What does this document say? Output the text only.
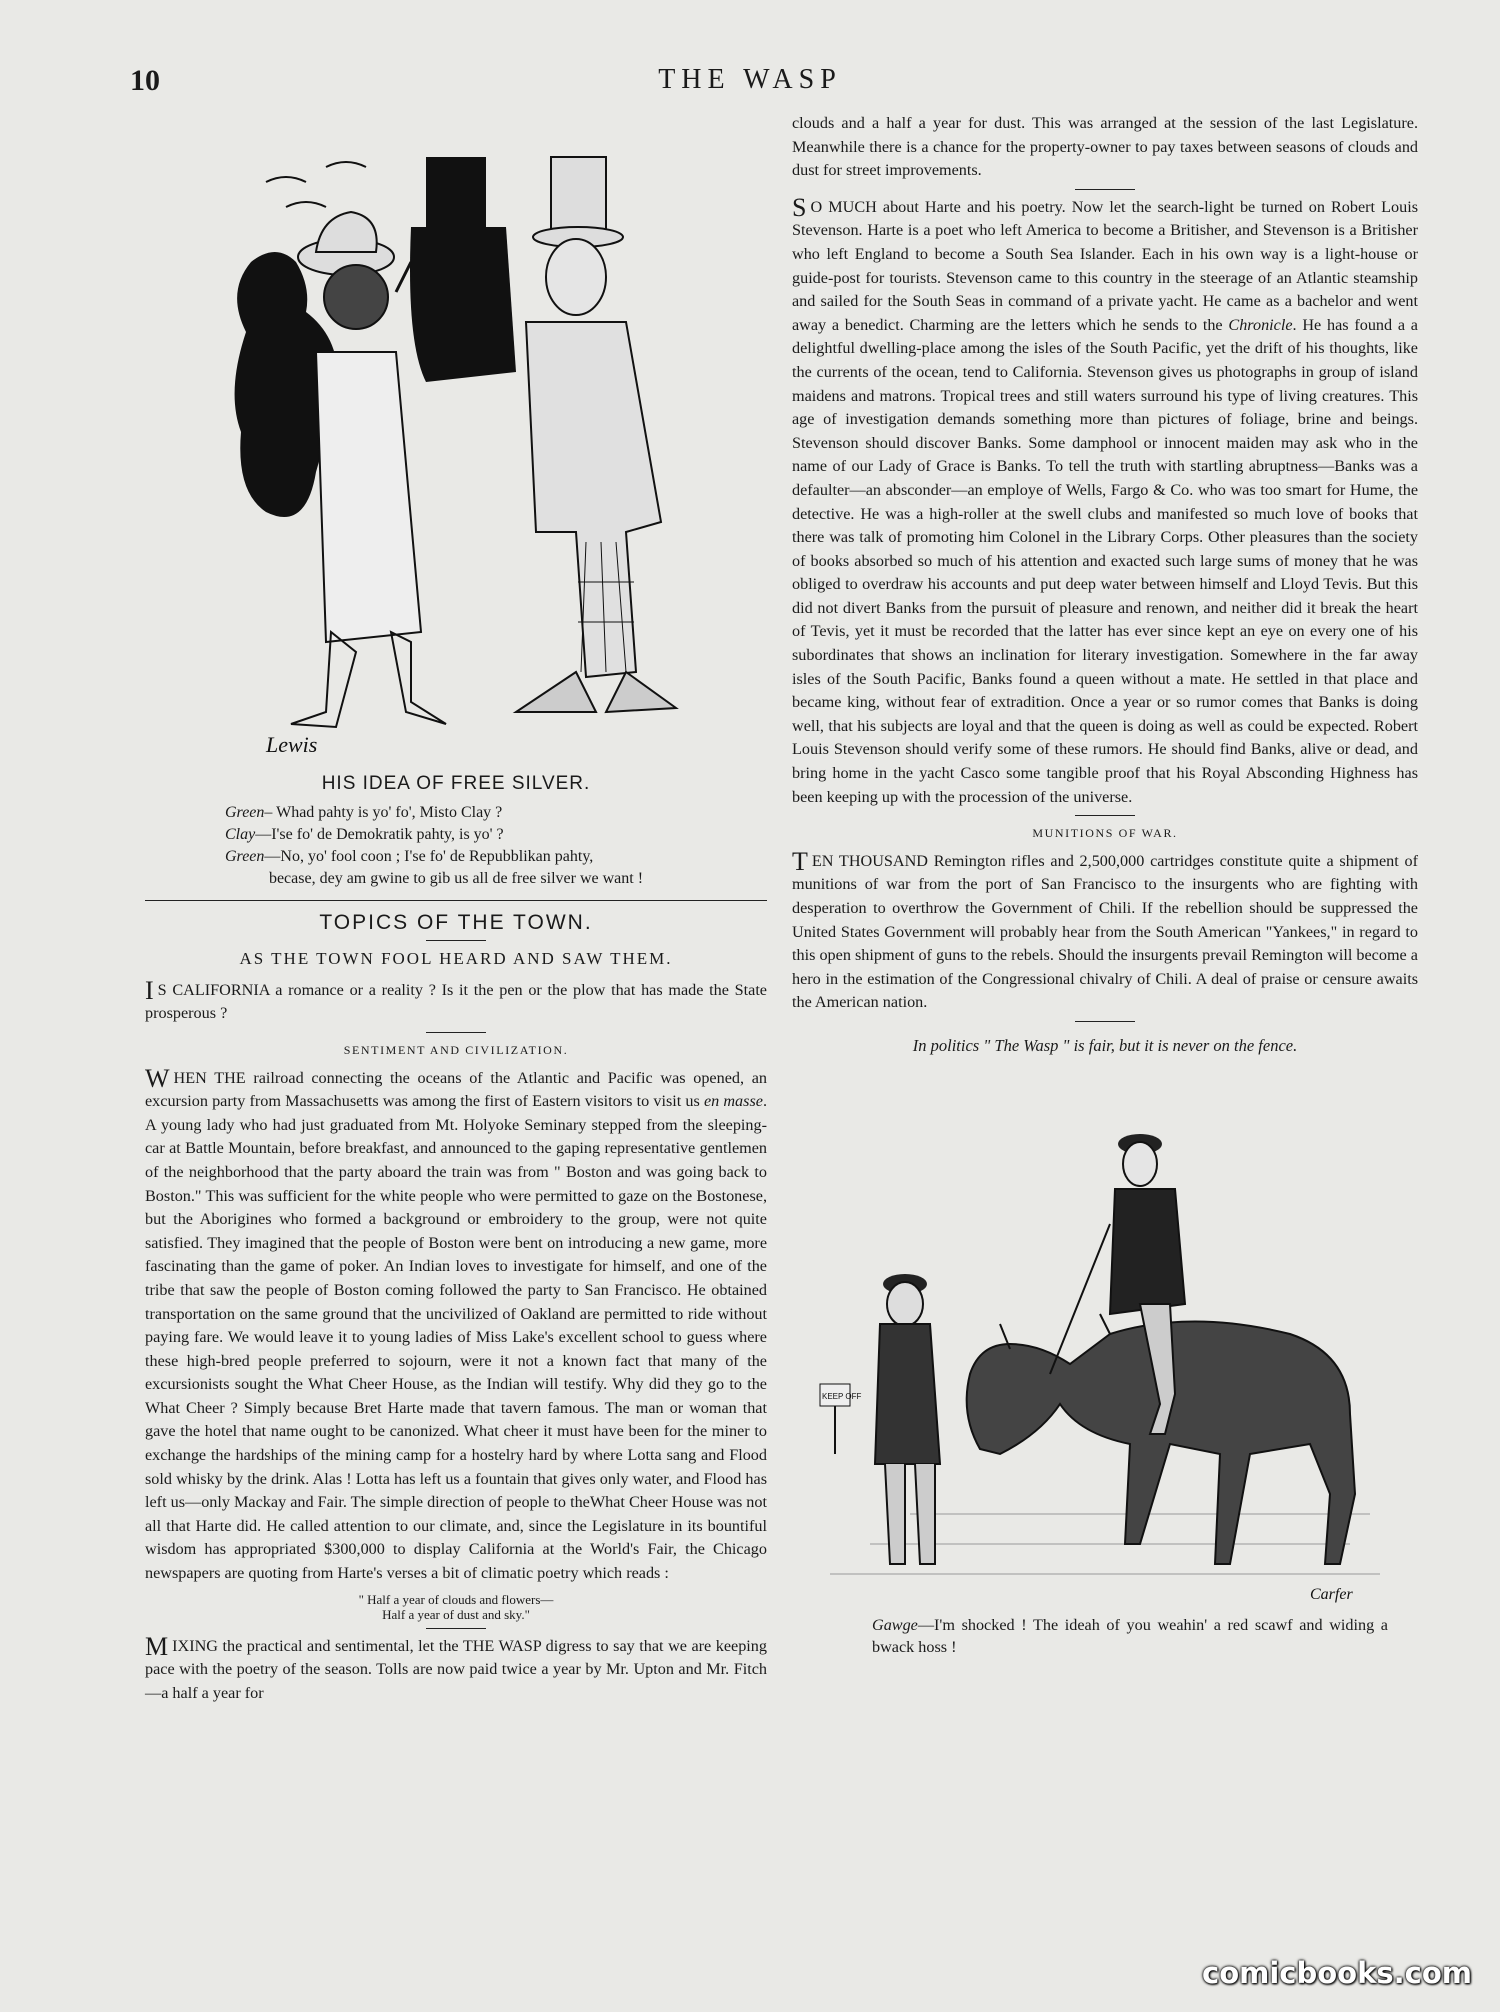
10	THE WASP
Lewis
HIS IDEA OF FREE SILVER.
Green– Whad pahty is yo' fo', Misto Clay ?
Clay—I'se fo' de Demokratik pahty, is yo' ?
Green—No, yo' fool coon ; I'se fo' de Repubblikan pahty,
becase, dey am gwine to gib us all de free silver we want !
TOPICS OF THE TOWN.
AS THE TOWN FOOL HEARD AND SAW THEM.

I S CALIFORNIA a romance or a reality ? Is it the pen or the plow that has made the State prosperous ?

SENTIMENT AND CIVILIZATION.

WHEN THE railroad connecting the oceans of the Atlantic and Pacific was opened, an excursion party from Massachusetts was among the first of Eastern visitors to visit us en masse. A young lady who had just graduated from Mt. Holyoke Seminary stepped from the sleeping-car at Battle Mountain, before breakfast, and announced to the gaping representative gentlemen of the neighborhood that the party aboard the train was from " Boston and was going back to Boston." This was sufficient for the white people who were permitted to gaze on the Bostonese, but the Aborigines who formed a background or embroidery to the group, were not quite satisfied. They imagined that the people of Boston were bent on introducing a new game, more fascinating than the game of poker. An Indian loves to investigate for himself, and one of the tribe that saw the people of Boston coming followed the party to San Francisco. He obtained transportation on the same ground that the uncivilized of Oakland are permitted to ride without paying fare. We would leave it to young ladies of Miss Lake's excellent school to guess where these high-bred people preferred to sojourn, were it not a known fact that many of the excursionists sought the What Cheer House, as the Indian will testify. Why did they go to the What Cheer ? Simply because Bret Harte made that tavern famous. The man or woman that gave the hotel that name ought to be canonized. What cheer it must have been for the miner to exchange the hardships of the mining camp for a hostelry hard by where Lotta sang and Flood sold whisky by the drink. Alas ! Lotta has left us a fountain that gives only water, and Flood has left us—only Mackay and Fair. The simple direction of people to theWhat Cheer House was not all that Harte did. He called attention to our climate, and, since the Legislature in its bountiful wisdom has appropriated $300,000 to display California at the World's Fair, the Chicago newspapers are quoting from Harte's verses a bit of climatic poetry which reads :

" Half a year of clouds and flowers—
Half a year of dust and sky."

MIXING the practical and sentimental, let the THE WASP digress to say that we are keeping pace with the poetry of the season. Tolls are now paid twice a year by Mr. Upton and Mr. Fitch—a half a year for

clouds and a half a year for dust. This was arranged at the session of the last Legislature. Meanwhile there is a chance for the property-owner to pay taxes between seasons of clouds and dust for street improvements.

S O MUCH about Harte and his poetry. Now let the search-light be turned on Robert Louis Stevenson. Harte is a poet who left America to become a Britisher, and Stevenson is a Britisher who left England to become a South Sea Islander. Each in his own way is a light-house or guide-post for tourists. Stevenson came to this country in the steerage of an Atlantic steamship and sailed for the South Seas in command of a private yacht. He came as a bachelor and went away a benedict. Charming are the letters which he sends to the Chronicle. He has found a a delightful dwelling-place among the isles of the South Pacific, yet the drift of his thoughts, like the currents of the ocean, tend to California. Stevenson gives us photographs in group of island maidens and matrons. Tropical trees and still waters surround his type of living creatures. This age of investigation demands something more than pictures of foliage, brine and beings. Stevenson should discover Banks. Some damphool or innocent maiden may ask who in the name of our Lady of Grace is Banks. To tell the truth with startling abruptness—Banks was a defaulter—an absconder—an employe of Wells, Fargo & Co. who was too smart for Hume, the detective. He was a high-roller at the swell clubs and manifested so much love of books that there was talk of promoting him Colonel in the Library Corps. Other pleasures than the society of books absorbed so much of his attention and exacted such large sums of money that he was obliged to overdraw his accounts and put deep water between himself and Lloyd Tevis. But this did not divert Banks from the pursuit of pleasure and renown, and neither did it break the heart of Tevis, yet it must be recorded that the latter has ever since kept an eye on every one of his subordinates that shows an inclination for literary investigation. Somewhere in the far away isles of the South Pacific, Banks found a queen without a mate. He settled in that place and became king, without fear of extradition. Once a year or so rumor comes that Banks is doing well, that his subjects are loyal and that the queen is doing as well as could be expected. Robert Louis Stevenson should verify some of these rumors. He should find Banks, alive or dead, and bring home in the yacht Casco some tangible proof that his Royal Absconding Highness has been keeping up with the procession of the universe.

MUNITIONS OF WAR.

TEN THOUSAND Remington rifles and 2,500,000 cartridges constitute quite a shipment of munitions of war from the port of San Francisco to the insurgents who are fighting with desperation to overthrow the Government of Chili. If the rebellion should be suppressed the United States Government will probably hear from the South American "Yankees," in regard to this open shipment of guns to the rebels. Should the insurgents prevail Remington will become a hero in the estimation of the Congressional chivalry of Chili. A deal of praise or censure awaits the American nation.

In politics " The Wasp " is fair, but it is never on the fence.
KEEP OFF
Carfer
Gawge—I'm shocked ! The ideah of you weahin' a red scawf and widing a bwack hoss !
comicbooks.com
